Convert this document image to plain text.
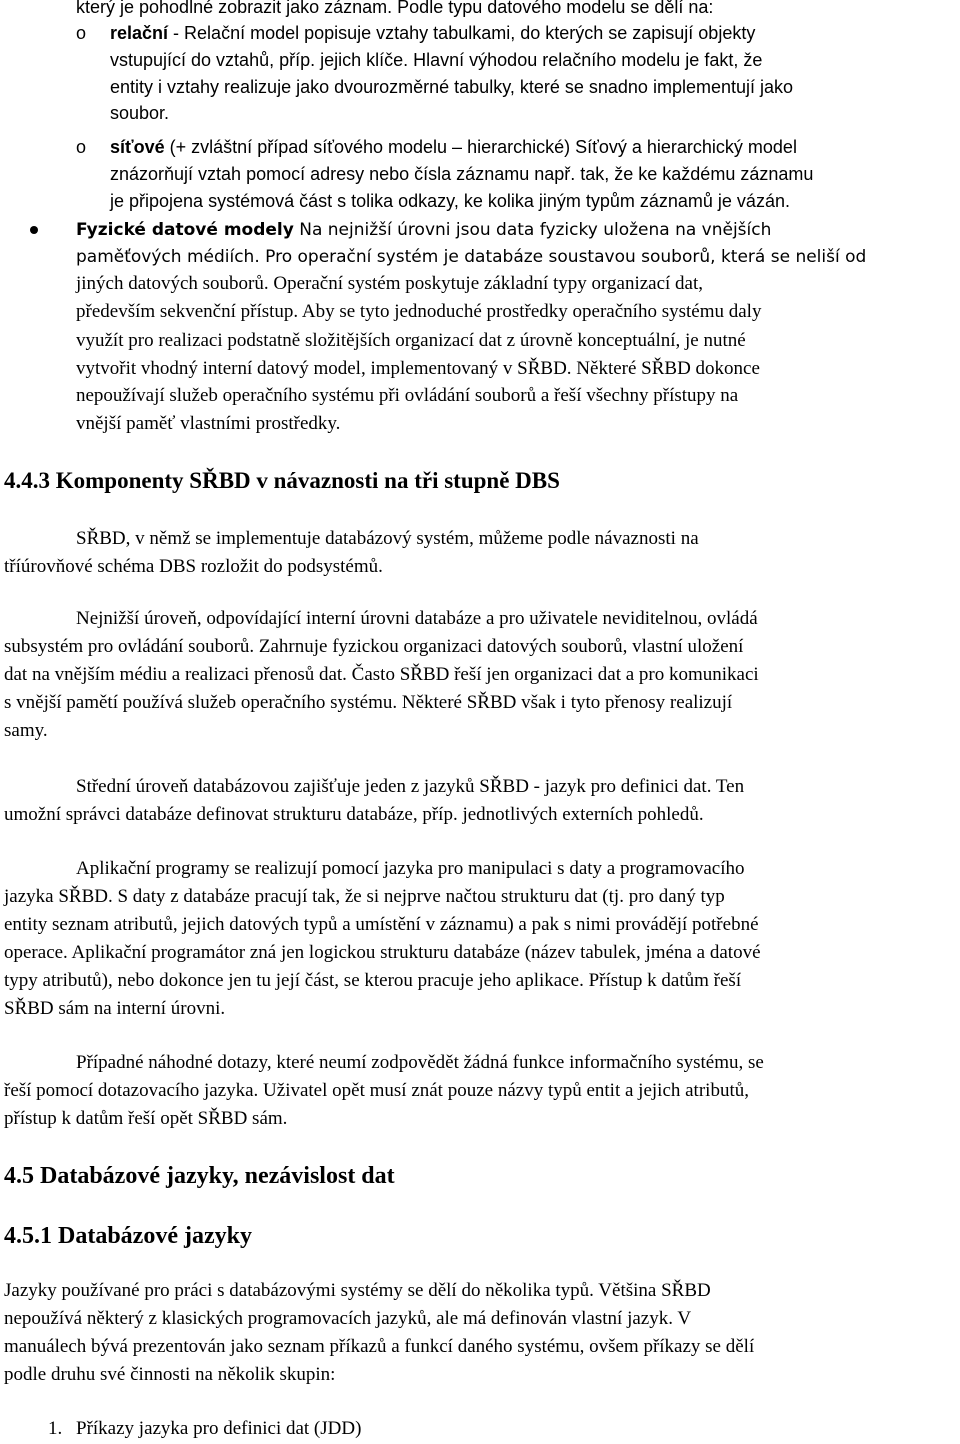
který je pohodlné zobrazit jako záznam. Podle typu datového modelu se dělí na:
o relační - Relační model popisuje vztahy tabulkami, do kterých se zapisují objekty
vstupující do vztahů, příp. jejich klíče. Hlavní výhodou relačního modelu je fakt, že
entity i vztahy realizuje jako dvourozměrné tabulky, které se snadno implementují jako
soubor.
o síťové (+ zvláštní případ síťového modelu – hierarchické) Síťový a hierarchický model
znázorňují vztah pomocí adresy nebo čísla záznamu např. tak, že ke každému záznamu
je připojena systémová část s tolika odkazy, ke kolika jiným typům záznamů je vázán.
Fyzické datové modely Na nejnižší úrovni jsou data fyzicky uložena na vnějších
paměťových médiích. Pro operační systém je databáze soustavou souborů, která se neliší od
jiných datových souborů. Operační systém poskytuje základní typy organizací dat,
především sekvenční přístup. Aby se tyto jednoduché prostředky operačního systému daly
využít pro realizaci podstatně složitějších organizací dat z úrovně konceptuální, je nutné
vytvořit vhodný interní datový model, implementovaný v SŘBD. Některé SŘBD dokonce
nepoužívají služeb operačního systému při ovládání souborů a řeší všechny přístupy na
vnější paměť vlastními prostředky.
4.4.3 Komponenty SŘBD v návaznosti na tři stupně DBS
SŘBD, v němž se implementuje databázový systém, můžeme podle návaznosti na
tříúrovňové schéma DBS rozložit do podsystémů.
Nejnižší úroveň, odpovídající interní úrovni databáze a pro uživatele neviditelnou, ovládá
subsystém pro ovládání souborů. Zahrnuje fyzickou organizaci datových souborů, vlastní uložení
dat na vnějším médiu a realizaci přenosů dat. Často SŘBD řeší jen organizaci dat a pro komunikaci
s vnější pamětí používá služeb operačního systému. Některé SŘBD však i tyto přenosy realizují
samy.
Střední úroveň databázovou zajišťuje jeden z jazyků SŘBD - jazyk pro definici dat. Ten
umožní správci databáze definovat strukturu databáze, příp. jednotlivých externích pohledů.
Aplikační programy se realizují pomocí jazyka pro manipulaci s daty a programovacího
jazyka SŘBD. S daty z databáze pracují tak, že si nejprve načtou strukturu dat (tj. pro daný typ
entity seznam atributů, jejich datových typů a umístění v záznamu) a pak s nimi provádějí potřebné
operace. Aplikační programátor zná jen logickou strukturu databáze (název tabulek, jména a datové
typy atributů), nebo dokonce jen tu její část, se kterou pracuje jeho aplikace. Přístup k datům řeší
SŘBD sám na interní úrovni.
Případné náhodné dotazy, které neumí zodpovědět žádná funkce informačního systému, se
řeší pomocí dotazovacího jazyka. Uživatel opět musí znát pouze názvy typů entit a jejich atributů,
přístup k datům řeší opět SŘBD sám.
4.5 Databázové jazyky, nezávislost dat
4.5.1 Databázové jazyky
Jazyky používané pro práci s databázovými systémy se dělí do několika typů. Většina SŘBD
nepoužívá některý z klasických programovacích jazyků, ale má definován vlastní jazyk. V
manuálech bývá prezentován jako seznam příkazů a funkcí daného systému, ovšem příkazy se dělí
podle druhu své činnosti na několik skupin:
1. Příkazy jazyka pro definici dat (JDD)
